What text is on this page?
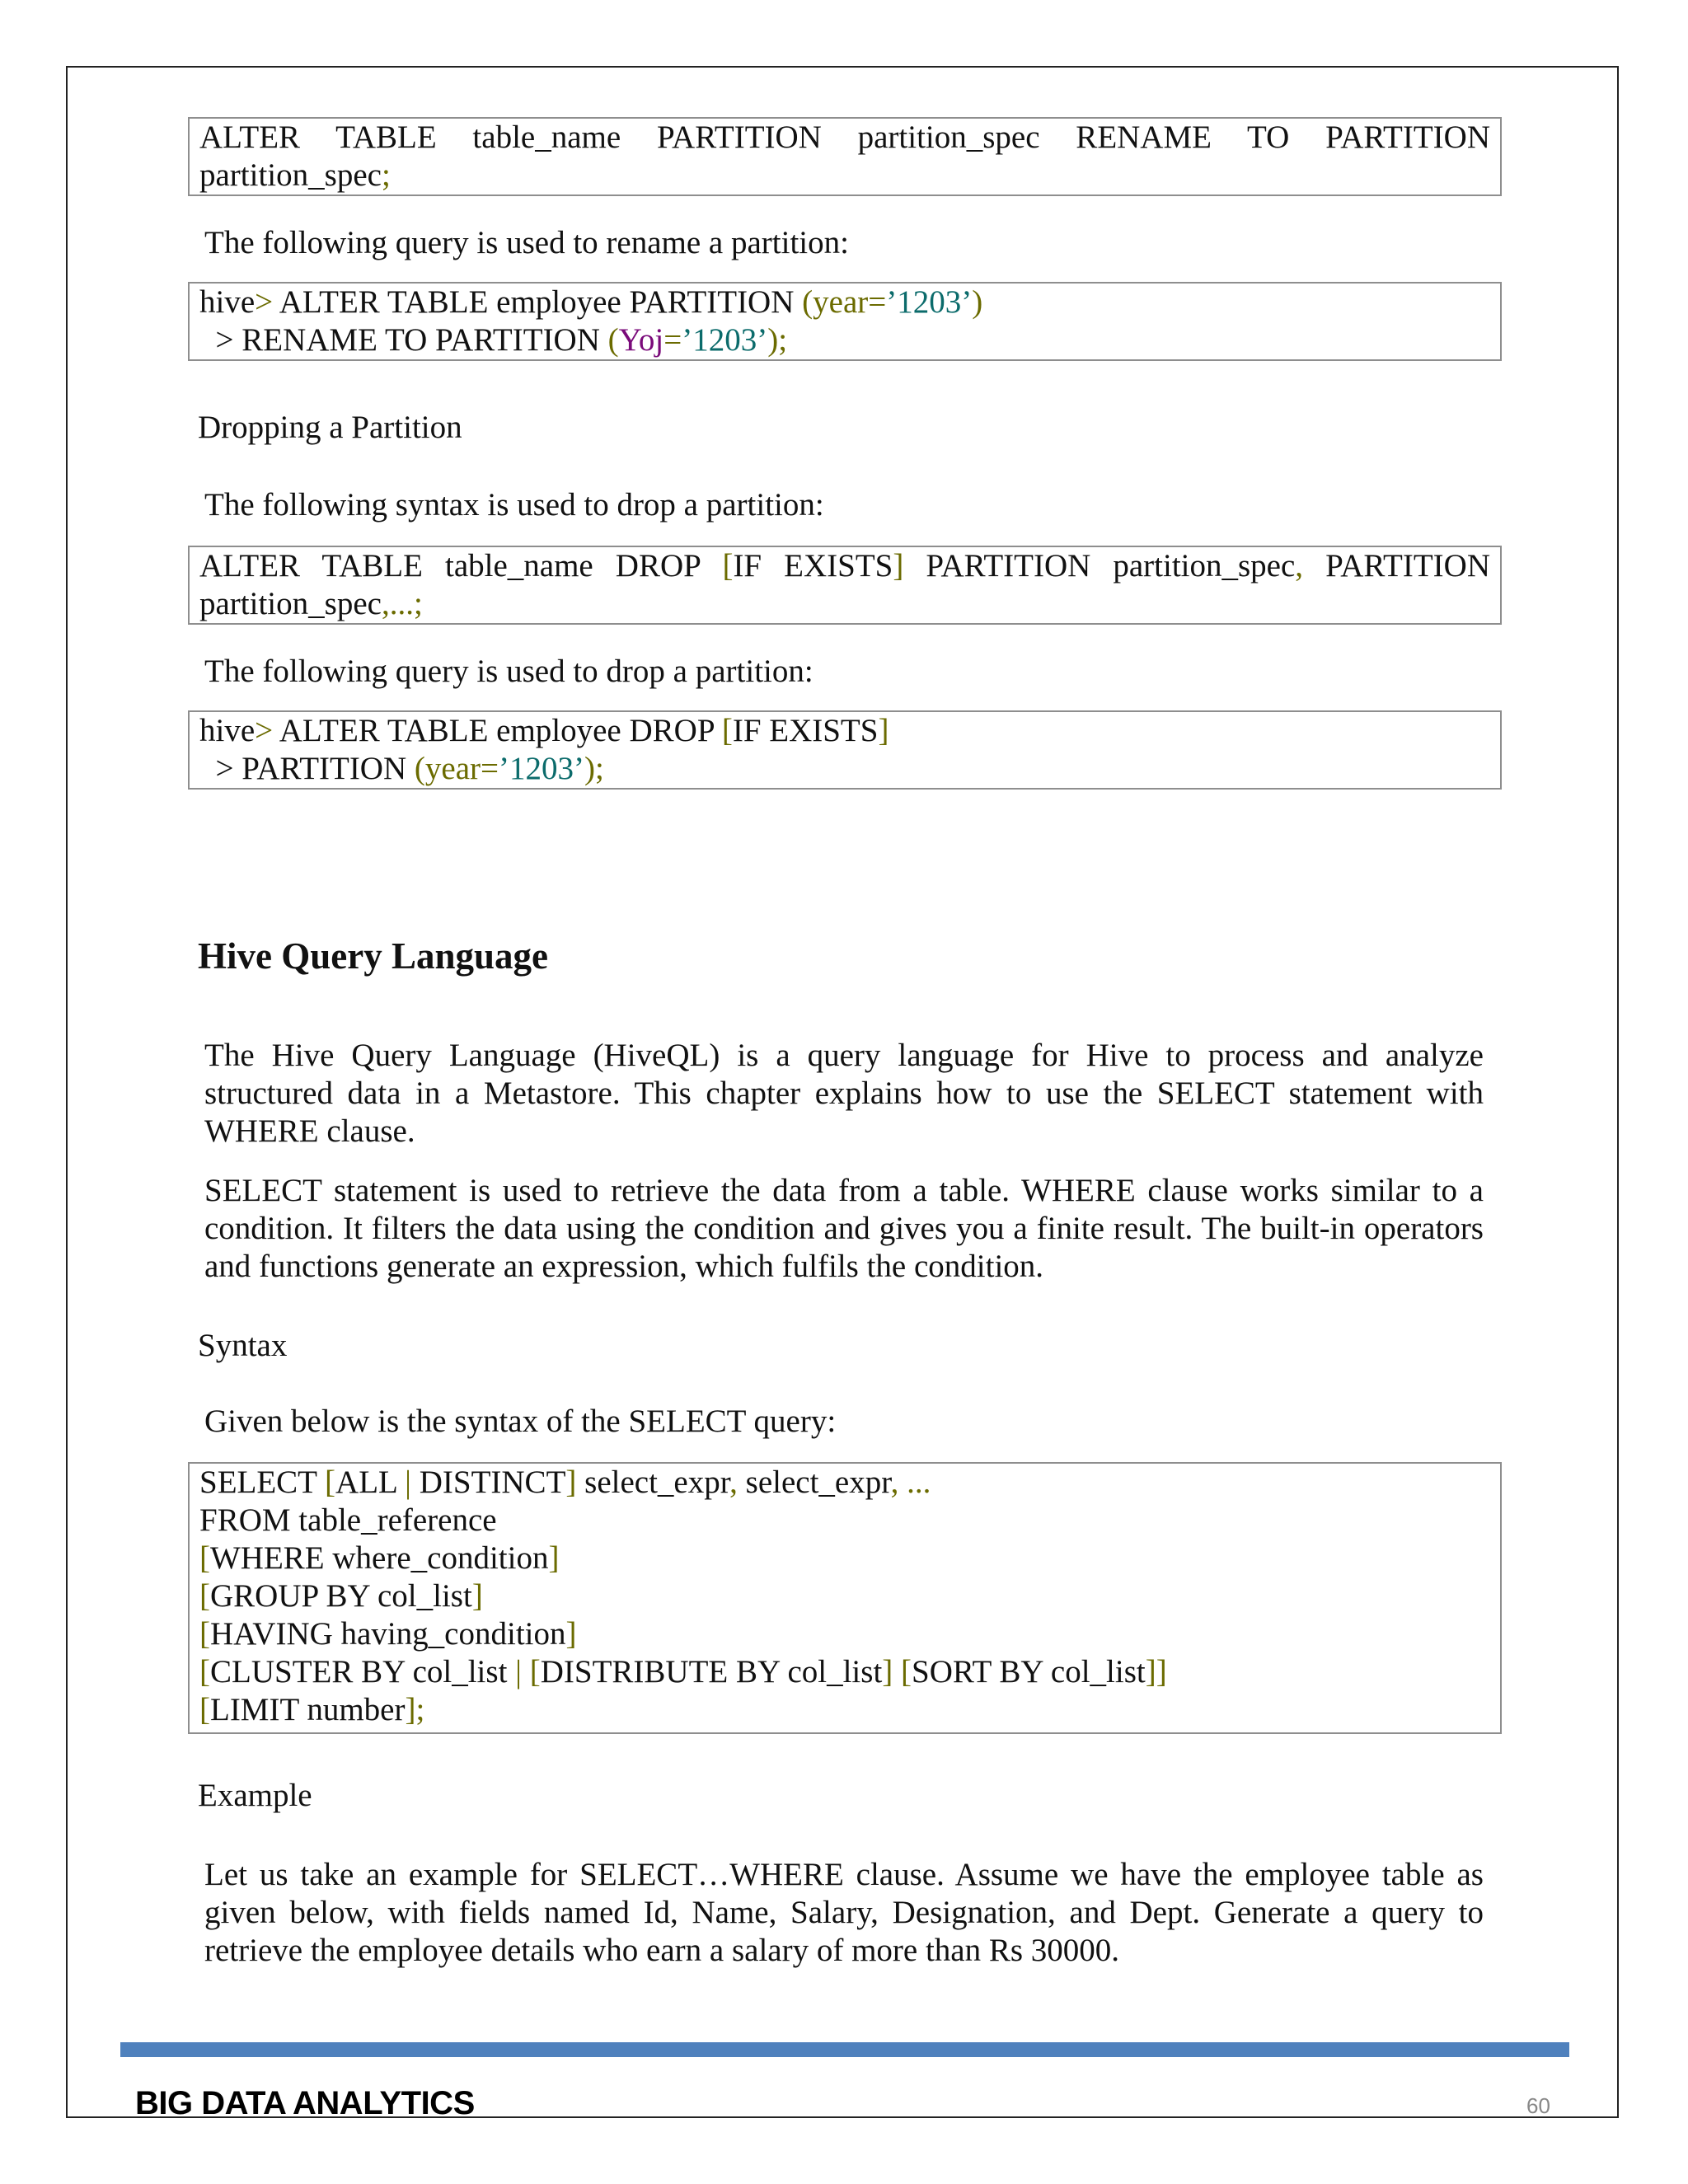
ALTER TABLE table_name PARTITION partition_spec RENAME TO PARTITION
partition_spec;

The following query is used to rename a partition:

hive> ALTER TABLE employee PARTITION (year=’1203’)
> RENAME TO PARTITION (Yoj=’1203’);

Dropping a Partition

The following syntax is used to drop a partition:

ALTER TABLE table_name DROP [IF EXISTS] PARTITION partition_spec, PARTITION
partition_spec,...;

The following query is used to drop a partition:

hive> ALTER TABLE employee DROP [IF EXISTS]
> PARTITION (year=’1203’);
Hive Query Language

The Hive Query Language (HiveQL) is a query language for Hive to process and analyze structured data in a Metastore. This chapter explains how to use the SELECT statement with WHERE clause.

SELECT statement is used to retrieve the data from a table. WHERE clause works similar to a condition. It filters the data using the condition and gives you a finite result. The built-in operators and functions generate an expression, which fulfils the condition.

Syntax

Given below is the syntax of the SELECT query:

SELECT [ALL | DISTINCT] select_expr, select_expr, ...
FROM table_reference
[WHERE where_condition]
[GROUP BY col_list]
[HAVING having_condition]
[CLUSTER BY col_list | [DISTRIBUTE BY col_list] [SORT BY col_list]]
[LIMIT number];

Example

Let us take an example for SELECT…WHERE clause. Assume we have the employee table as given below, with fields named Id, Name, Salary, Designation, and Dept. Generate a query to retrieve the employee details who earn a salary of more than Rs 30000.

BIG DATA ANALYTICS	60
